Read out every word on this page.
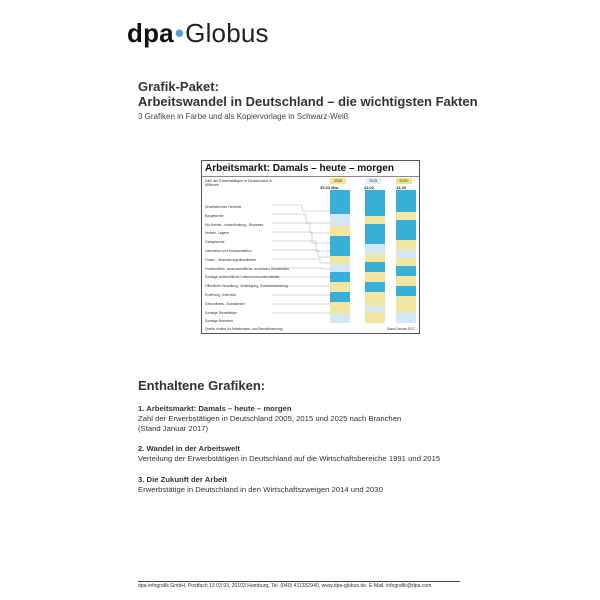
dpa•Globus
Grafik-Paket:
Arbeitswandel in Deutschland – die wichtigsten Fakten
3 Grafiken in Farbe und als Kopiervorlage in Schwarz-Weiß
Arbeitsmarkt: Damals – heute – morgen
Zahl der Erwerbstätigen in Deutschland in Millionen
2005	2015	2025*
39,03 Mio.	43,02	43,39
Verarbeitendes Gewerbe
Baugewerbe
Kfz-Handel, -Instandhaltung, -Reparatur
Verkehr, Lagerei
Gastgewerbe
Information und Kommunikation
Finanz-, Versicherungsdienstleister
Freiberufliche, wissenschaftliche, technische Dienstleister
Sonstige wirtschaftliche Unternehmensdienstleister
Öffentliche Verwaltung, Verteidigung, Sozialversicherung
Erziehung, Unterricht
Gesundheits-, Sozialwesen
Sonstige Dienstleister
Sonstige Branchen
Quelle: Institut für Arbeitsmarkt- und Berufsforschung	Stand Januar 2017
Enthaltene Grafiken:
1. Arbeitsmarkt: Damals – heute – morgen
Zahl der Erwerbstätigen in Deutschland 2005, 2015 und 2025 nach Branchen
(Stand Januar 2017)
2. Wandel in der Arbeitswelt
Verteilung der Erwerbstätigen in Deutschland auf die Wirtschaftsbereiche 1991 und 2015
3. Die Zukunft der Arbeit
Erwerbstätige in Deutschland in den Wirtschaftszweigen 2014 und 2030
dpa-infografik GmbH, Postfach 13 03 93, 20103 Hamburg, Tel. (040) 411332940, www.dpa-globus.de, E-Mail: infografik@dpa.com
